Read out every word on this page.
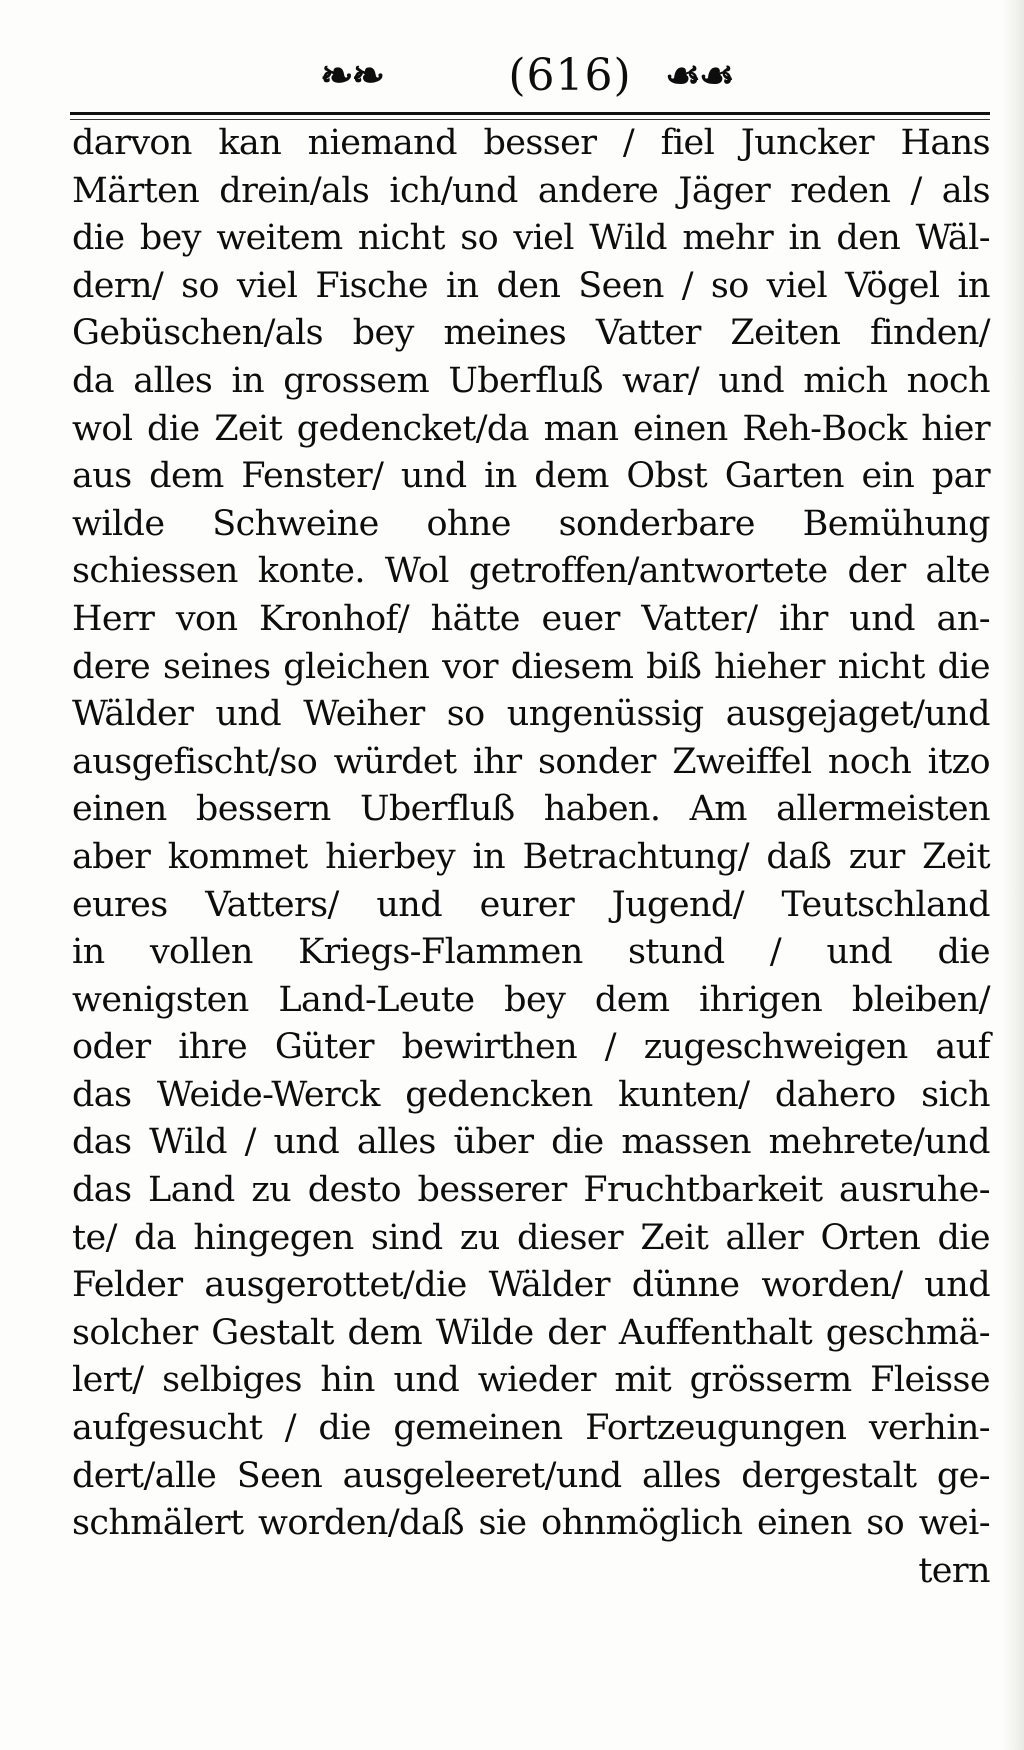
❧❧	(616) ☙☙
darvon kan niemand besser / fiel Juncker Hans
Märten drein/als ich/und andere Jäger reden / als
die bey weitem nicht so viel Wild mehr in den Wäl-
dern/ so viel Fische in den Seen / so viel Vögel in
Gebüschen/als bey meines Vatter Zeiten finden/
da alles in grossem Uberfluß war/ und mich noch
wol die Zeit gedencket/da man einen Reh-Bock hier
aus dem Fenster/ und in dem Obst Garten ein par
wilde Schweine ohne sonderbare Bemühung
schiessen konte. Wol getroffen/antwortete der alte
Herr von Kronhof/ hätte euer Vatter/ ihr und an-
dere seines gleichen vor diesem biß hieher nicht die
Wälder und Weiher so ungenüssig ausgejaget/und
ausgefischt/so würdet ihr sonder Zweiffel noch itzo
einen bessern Uberfluß haben. Am allermeisten
aber kommet hierbey in Betrachtung/ daß zur Zeit
eures Vatters/ und eurer Jugend/ Teutschland
in vollen Kriegs-Flammen stund / und die
wenigsten Land-Leute bey dem ihrigen bleiben/
oder ihre Güter bewirthen / zugeschweigen auf
das Weide-Werck gedencken kunten/ dahero sich
das Wild / und alles über die massen mehrete/und
das Land zu desto besserer Fruchtbarkeit ausruhe-
te/ da hingegen sind zu dieser Zeit aller Orten die
Felder ausgerottet/die Wälder dünne worden/ und
solcher Gestalt dem Wilde der Auffenthalt geschmä-
lert/ selbiges hin und wieder mit grösserm Fleisse
aufgesucht / die gemeinen Fortzeugungen verhin-
dert/alle Seen ausgeleeret/und alles dergestalt ge-
schmälert worden/daß sie ohnmöglich einen so wei-
tern
